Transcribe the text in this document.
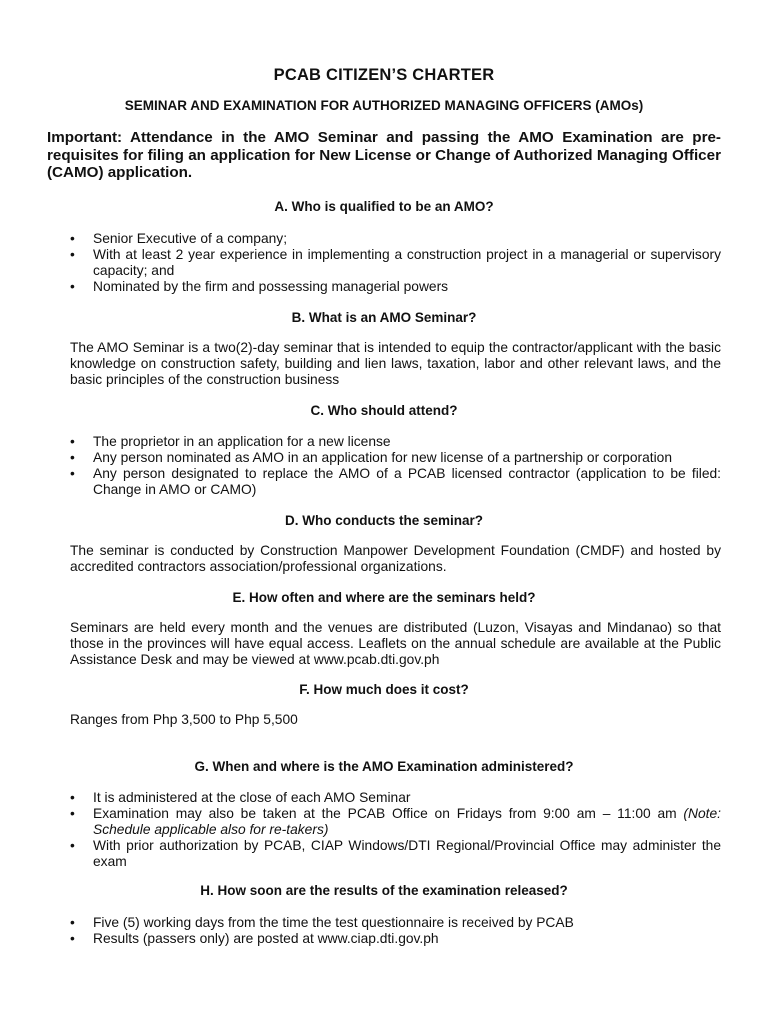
PCAB CITIZEN’S CHARTER
SEMINAR AND EXAMINATION FOR AUTHORIZED MANAGING OFFICERS (AMOs)
Important: Attendance in the AMO Seminar and passing the AMO Examination are pre-requisites for filing an application for New License or Change of Authorized Managing Officer (CAMO) application.
A. Who is qualified to be an AMO?
• Senior Executive of a company;
• With at least 2 year experience in implementing a construction project in a managerial or supervisory capacity; and
• Nominated by the firm and possessing managerial powers
B. What is an AMO Seminar?
The AMO Seminar is a two(2)-day seminar that is intended to equip the contractor/applicant with the basic knowledge on construction safety, building and lien laws, taxation, labor and other relevant laws, and the basic principles of the construction business
C. Who should attend?
• The proprietor in an application for a new license
• Any person nominated as AMO in an application for new license of a partnership or corporation
• Any person designated to replace the AMO of a PCAB licensed contractor (application to be filed: Change in AMO or CAMO)
D. Who conducts the seminar?
The seminar is conducted by Construction Manpower Development Foundation (CMDF) and hosted by accredited contractors association/professional organizations.
E. How often and where are the seminars held?
Seminars are held every month and the venues are distributed (Luzon, Visayas and Mindanao) so that those in the provinces will have equal access. Leaflets on the annual schedule are available at the Public Assistance Desk and may be viewed at www.pcab.dti.gov.ph
F. How much does it cost?
Ranges from Php 3,500 to Php 5,500
G. When and where is the AMO Examination administered?
• It is administered at the close of each AMO Seminar
• Examination may also be taken at the PCAB Office on Fridays from 9:00 am – 11:00 am (Note: Schedule applicable also for re-takers)
• With prior authorization by PCAB, CIAP Windows/DTI Regional/Provincial Office may administer the exam
H. How soon are the results of the examination released?
• Five (5) working days from the time the test questionnaire is received by PCAB
• Results (passers only) are posted at www.ciap.dti.gov.ph
